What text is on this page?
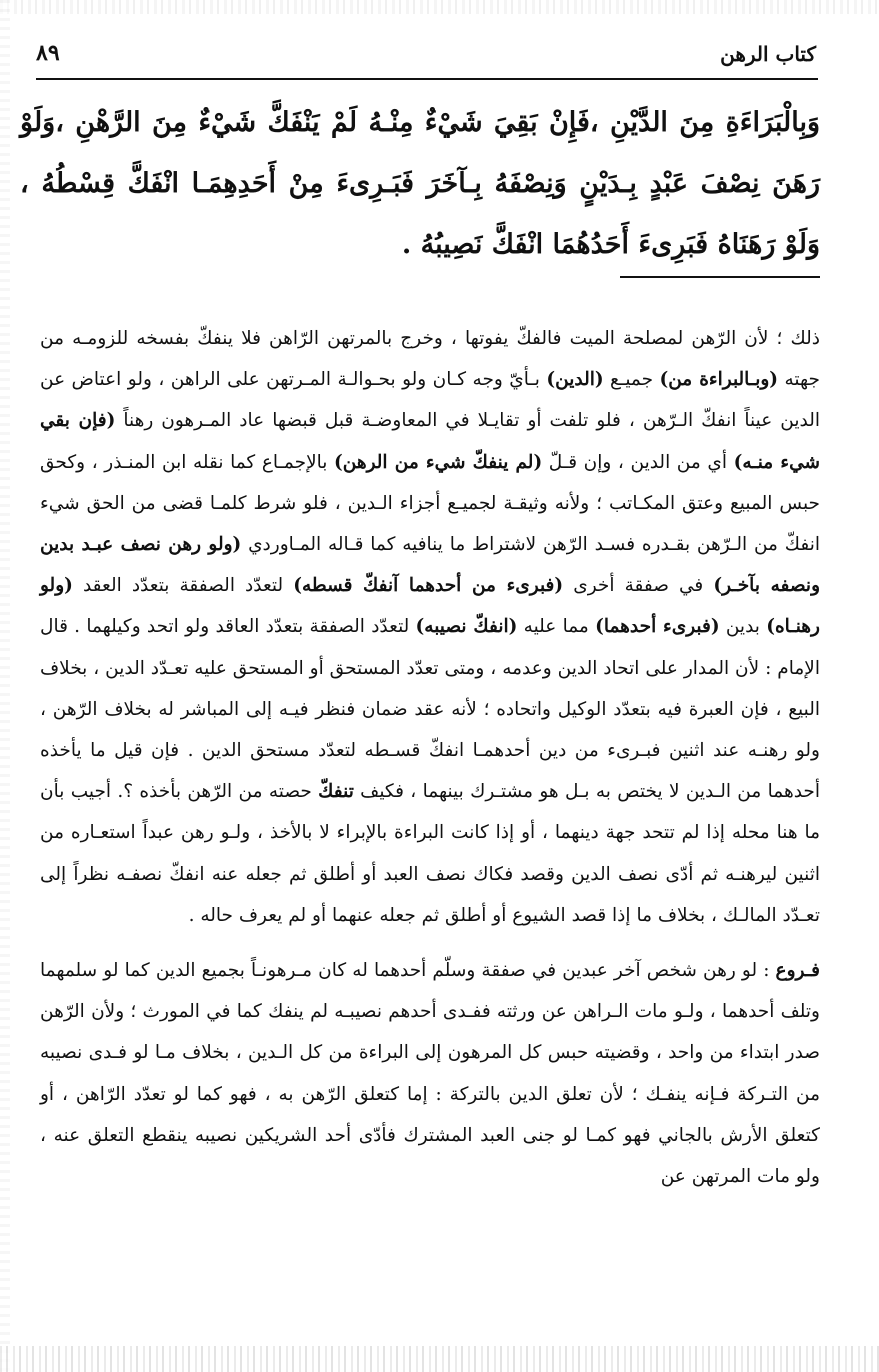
كتاب الرهن
٨٩

وَبِالْبَرَاءَةِ مِنَ الدَّيْنِ ،فَإِنْ بَقِيَ شَيْءٌ مِنْـهُ لَمْ يَنْفَكَّ شَيْءٌ مِنَ الرَّهْنِ ،وَلَوْ رَهَنَ نِصْفَ عَبْدٍ بِـدَيْنٍ وَنِصْفَهُ بِـآخَرَ فَبَـرِىءَ مِنْ أَحَدِهِمَـا انْفَكَّ قِسْطُهُ ، وَلَوْ رَهَنَاهُ فَبَرِىءَ أَحَدُهُمَا انْفَكَّ نَصِيبُهُ .

ذلك ؛ لأن الرّهن لمصلحة الميت فالفكّ يفوتها ، وخرج بالمرتهن الرّاهن فلا ينفكّ بفسخه للزومـه من جهته (وبـالبراءة من) جميـع (الدين) بـأيّ وجه كـان ولو بحـوالـة المـرتهن على الراهن ، ولو اعتاض عن الدين عيناً انفكّ الـرّهن ، فلو تلفت أو تقايـلا في المعاوضـة قبل قبضها عاد المـرهون رهناً (فإن بقي شيء منـه) أي من الدين ، وإن قـلّ (لم ينفكّ شيء من الرهن) بالإجمـاع كما نقله ابن المنـذر ، وكحق حبس المبيع وعتق المكـاتب ؛ ولأنه وثيقـة لجميـع أجزاء الـدين ، فلو شرط كلمـا قضى من الحق شيء انفكّ من الـرّهن بقـدره فسـد الرّهن لاشتراط ما ينافيه كما قـاله المـاوردي (ولو رهن نصف عبـد بدين ونصفه بآخـر) في صفقة أخرى (فبرىء من أحدهما آنفكّ قسطه) لتعدّد الصفقة بتعدّد العقد (ولو رهنـاه) بدين (فبرىء أحدهما) مما عليه (انفكّ نصيبه) لتعدّد الصفقة بتعدّد العاقد ولو اتحد وكيلهما . قال الإمام : لأن المدار على اتحاد الدين وعدمه ، ومتى تعدّد المستحق أو المستحق عليه تعـدّد الدين ، بخلاف البيع ، فإن العبرة فيه بتعدّد الوكيل واتحاده ؛ لأنه عقد ضمان فنظر فيـه إلى المباشر له بخلاف الرّهن ، ولو رهنـه عند اثنين فبـرىء من دين أحدهمـا انفكّ قسـطه لتعدّد مستحق الدين . فإن قيل ما يأخذه أحدهما من الـدين لا يختص به بـل هو مشتـرك بينهما ، فكيف تنفكّ حصته من الرّهن بأخذه ؟. أجيب بأن ما هنا محله إذا لم تتحد جهة دينهما ، أو إذا كانت البراءة بالإبراء لا بالأخذ ، ولـو رهن عبداً استعـاره من اثنين ليرهنـه ثم أدّى نصف الدين وقصد فكاك نصف العبد أو أطلق ثم جعله عنه انفكّ نصفـه نظراً إلى تعـدّد المالـك ، بخلاف ما إذا قصد الشيوع أو أطلق ثم جعله عنهما أو لم يعرف حاله .

فـروع : لو رهن شخص آخر عبدين في صفقة وسلّم أحدهما له كان مـرهونـاً بجميع الدين كما لو سلمهما وتلف أحدهما ، ولـو مات الـراهن عن ورثته ففـدى أحدهم نصيبـه لم ينفك كما في المورث ؛ ولأن الرّهن صدر ابتداء من واحد ، وقضيته حبس كل المرهون إلى البراءة من كل الـدين ، بخلاف مـا لو فـدى نصيبه من التـركة فـإنه ينفـك ؛ لأن تعلق الدين بالتركة : إما كتعلق الرّهن به ، فهو كما لو تعدّد الرّاهن ، أو كتعلق الأرش بالجاني فهو كمـا لو جنى العبد المشترك فأدّى أحد الشريكين نصيبه ينقطع التعلق عنه ، ولو مات المرتهن عن
